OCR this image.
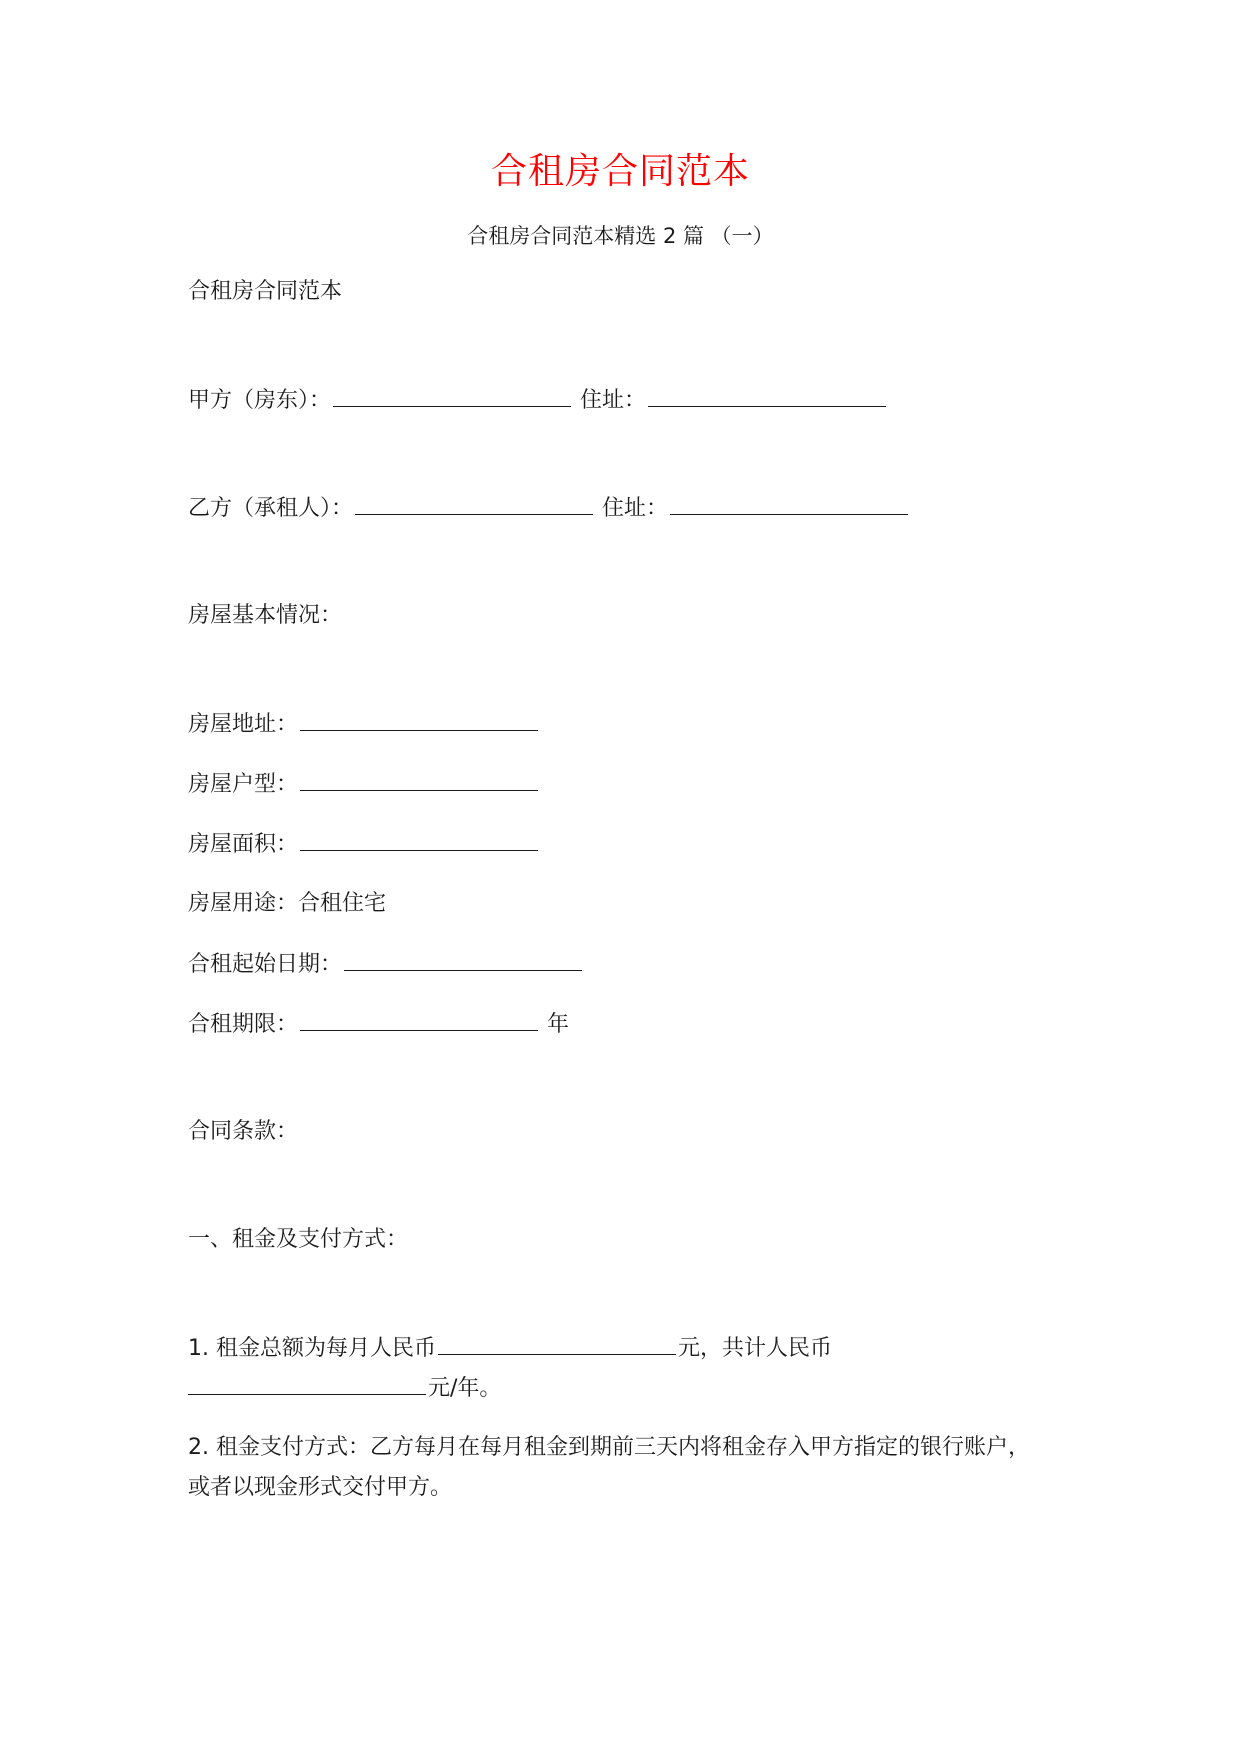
合租房合同范本
合租房合同范本精选 2 篇 （一）
合租房合同范本
甲方（房东）：	住址：
乙方（承租人）：	住址：
房屋基本情况：
房屋地址：
房屋户型：
房屋面积：
房屋用途：合租住宅
合租起始日期：
合租期限：	年
合同条款：
一、租金及支付方式：
1. 租金总额为每月人民币	元，共计人民币
元/年。
2. 租金支付方式：乙方每月在每月租金到期前三天内将租金存入甲方指定的银行账户，
或者以现金形式交付甲方。
